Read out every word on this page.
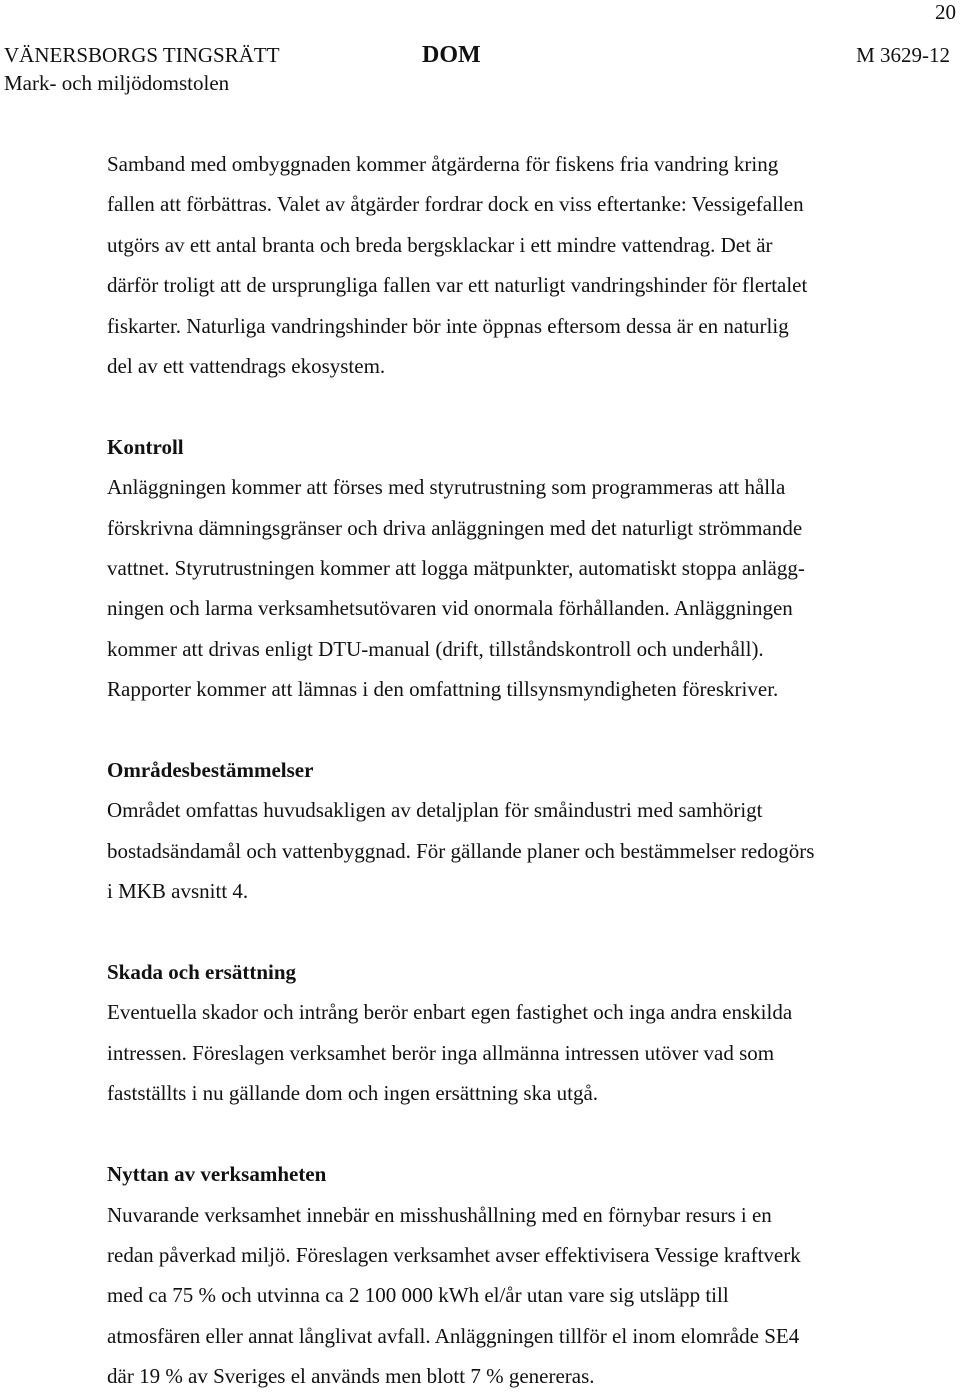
20
VÄNERSBORGS TINGSRÄTT
Mark- och miljödomstolen
DOM	M 3629-12

Samband med ombyggnaden kommer åtgärderna för fiskens fria vandring kring
fallen att förbättras. Valet av åtgärder fordrar dock en viss eftertanke: Vessigefallen
utgörs av ett antal branta och breda bergsklackar i ett mindre vattendrag. Det är
därför troligt att de ursprungliga fallen var ett naturligt vandringshinder för flertalet
fiskarter. Naturliga vandringshinder bör inte öppnas eftersom dessa är en naturlig
del av ett vattendrags ekosystem.

Kontroll

Anläggningen kommer att förses med styrutrustning som programmeras att hålla
förskrivna dämningsgränser och driva anläggningen med det naturligt strömmande
vattnet. Styrutrustningen kommer att logga mätpunkter, automatiskt stoppa anlägg-
ningen och larma verksamhetsutövaren vid onormala förhållanden. Anläggningen
kommer att drivas enligt DTU-manual (drift, tillståndskontroll och underhåll).
Rapporter kommer att lämnas i den omfattning tillsynsmyndigheten föreskriver.

Områdesbestämmelser

Området omfattas huvudsakligen av detaljplan för småindustri med samhörigt
bostadsändamål och vattenbyggnad. För gällande planer och bestämmelser redogörs
i MKB avsnitt 4.

Skada och ersättning

Eventuella skador och intrång berör enbart egen fastighet och inga andra enskilda
intressen. Föreslagen verksamhet berör inga allmänna intressen utöver vad som
fastställts i nu gällande dom och ingen ersättning ska utgå.

Nyttan av verksamheten

Nuvarande verksamhet innebär en misshushållning med en förnybar resurs i en
redan påverkad miljö. Föreslagen verksamhet avser effektivisera Vessige kraftverk
med ca 75 % och utvinna ca 2 100 000 kWh el/år utan vare sig utsläpp till
atmosfären eller annat långlivat avfall. Anläggningen tillför el inom elområde SE4
där 19 % av Sveriges el används men blott 7 % genereras.
